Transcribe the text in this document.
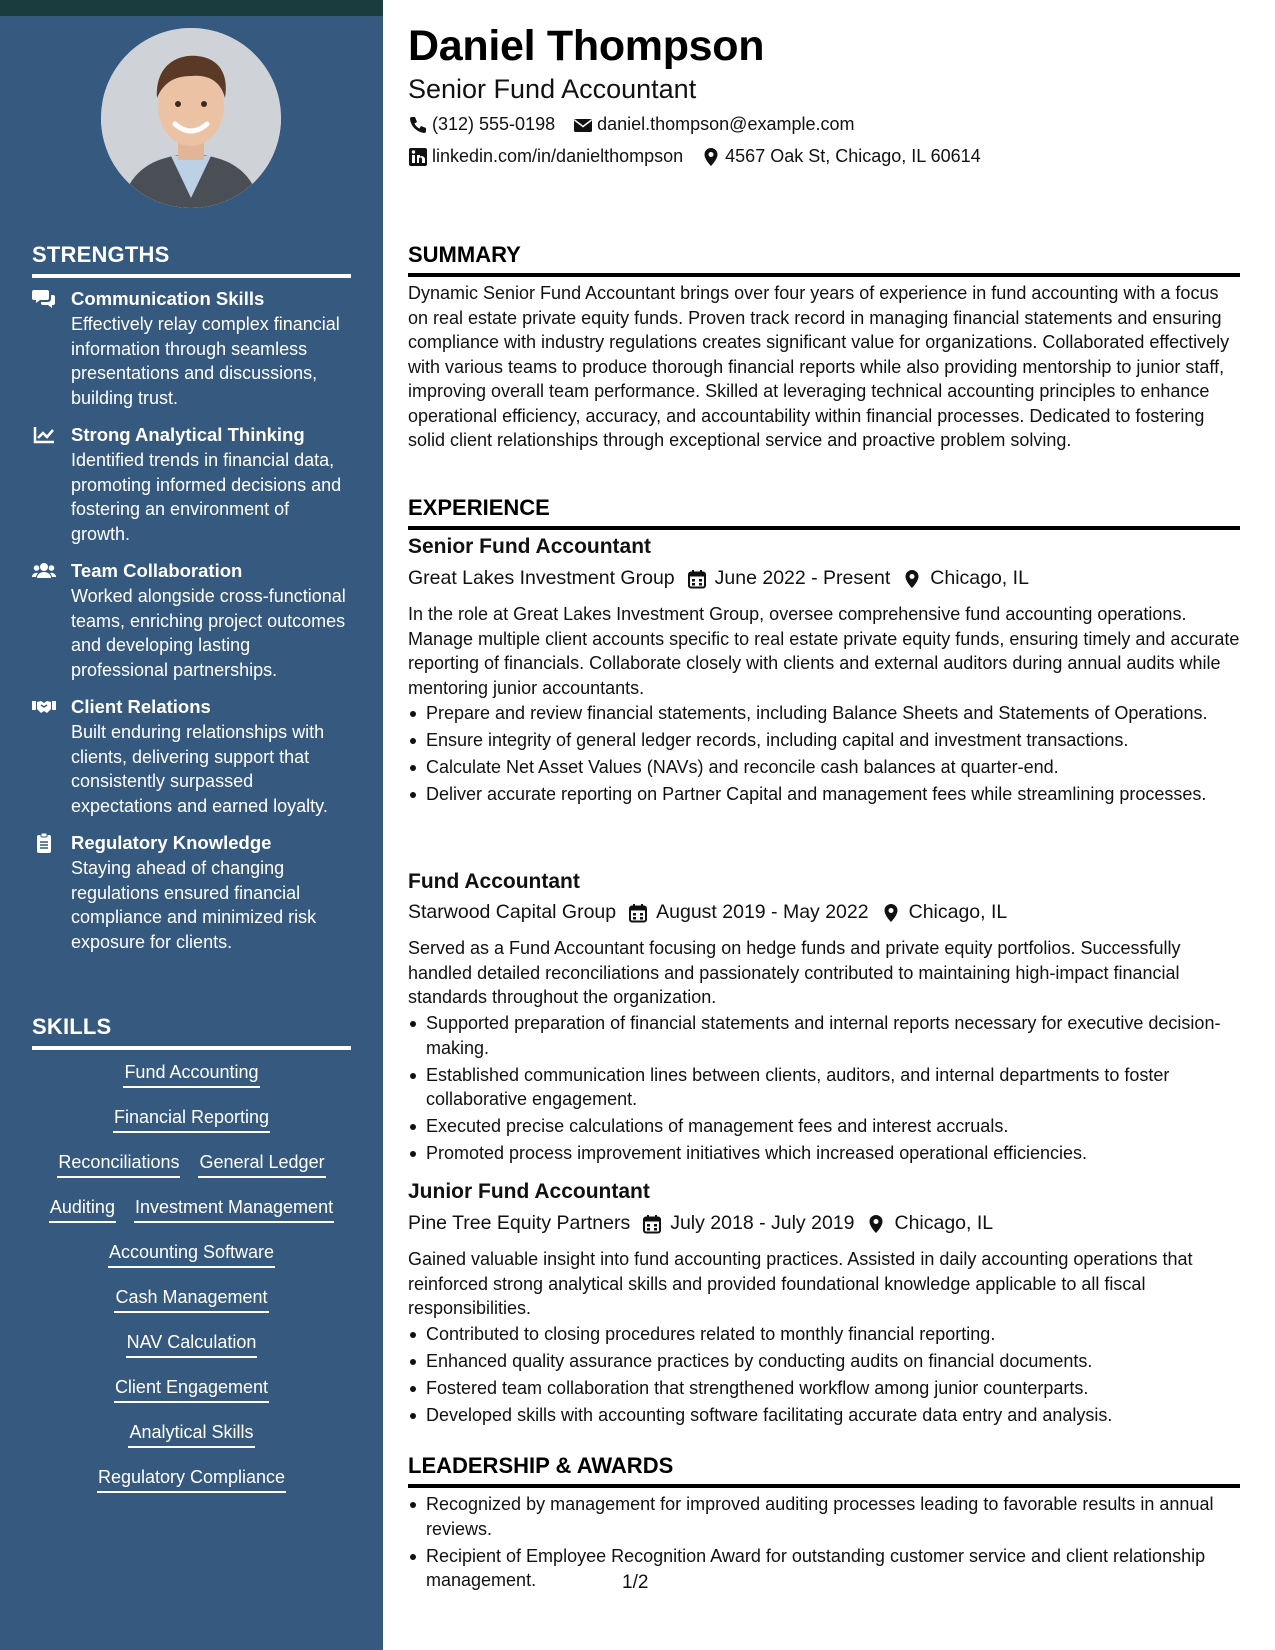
STRENGTHS
Communication Skills
Effectively relay complex financial information through seamless presentations and discussions, building trust.
Strong Analytical Thinking
Identified trends in financial data, promoting informed decisions and fostering an environment of growth.
Team Collaboration
Worked alongside cross-functional teams, enriching project outcomes and developing lasting professional partnerships.
Client Relations
Built enduring relationships with clients, delivering support that consistently surpassed expectations and earned loyalty.
Regulatory Knowledge
Staying ahead of changing regulations ensured financial compliance and minimized risk exposure for clients.
SKILLS
Fund Accounting
Financial Reporting
Reconciliations General Ledger
Auditing Investment Management
Accounting Software
Cash Management
NAV Calculation
Client Engagement
Analytical Skills
Regulatory Compliance
Daniel Thompson
Senior Fund Accountant
(312) 555-0198 daniel.thompson@example.com
linkedin.com/in/danielthompson 4567 Oak St, Chicago, IL 60614
SUMMARY
Dynamic Senior Fund Accountant brings over four years of experience in fund accounting with a focus on real estate private equity funds. Proven track record in managing financial statements and ensuring compliance with industry regulations creates significant value for organizations. Collaborated effectively with various teams to produce thorough financial reports while also providing mentorship to junior staff, improving overall team performance. Skilled at leveraging technical accounting principles to enhance operational efficiency, accuracy, and accountability within financial processes. Dedicated to fostering solid client relationships through exceptional service and proactive problem solving.
EXPERIENCE
Senior Fund Accountant
Great Lakes Investment Group June 2022 - Present Chicago, IL
In the role at Great Lakes Investment Group, oversee comprehensive fund accounting operations. Manage multiple client accounts specific to real estate private equity funds, ensuring timely and accurate reporting of financials. Collaborate closely with clients and external auditors during annual audits while mentoring junior accountants.
Prepare and review financial statements, including Balance Sheets and Statements of Operations.
Ensure integrity of general ledger records, including capital and investment transactions.
Calculate Net Asset Values (NAVs) and reconcile cash balances at quarter-end.
Deliver accurate reporting on Partner Capital and management fees while streamlining processes.
Fund Accountant
Starwood Capital Group August 2019 - May 2022 Chicago, IL
Served as a Fund Accountant focusing on hedge funds and private equity portfolios. Successfully handled detailed reconciliations and passionately contributed to maintaining high-impact financial standards throughout the organization.
Supported preparation of financial statements and internal reports necessary for executive decision-making.
Established communication lines between clients, auditors, and internal departments to foster collaborative engagement.
Executed precise calculations of management fees and interest accruals.
Promoted process improvement initiatives which increased operational efficiencies.
Junior Fund Accountant
Pine Tree Equity Partners July 2018 - July 2019 Chicago, IL
Gained valuable insight into fund accounting practices. Assisted in daily accounting operations that reinforced strong analytical skills and provided foundational knowledge applicable to all fiscal responsibilities.
Contributed to closing procedures related to monthly financial reporting.
Enhanced quality assurance practices by conducting audits on financial documents.
Fostered team collaboration that strengthened workflow among junior counterparts.
Developed skills with accounting software facilitating accurate data entry and analysis.
LEADERSHIP & AWARDS
Recognized by management for improved auditing processes leading to favorable results in annual reviews.
Recipient of Employee Recognition Award for outstanding customer service and client relationship management.	1/2
